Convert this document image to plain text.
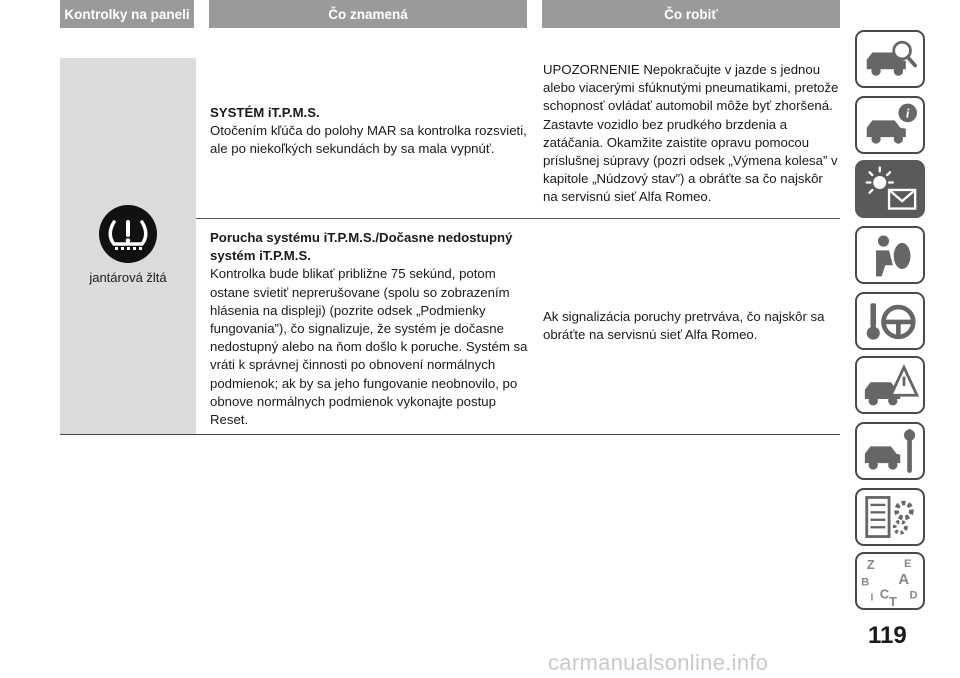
Kontrolky na paneli	Čo znamená	Čo robiť
jantárová žltá
SYSTÉM iT.P.M.S.
Otočením kľúča do polohy MAR sa kontrolka rozsvieti, ale po niekoľkých sekundách by sa mala vypnúť.
UPOZORNENIE Nepokračujte v jazde s jednou alebo viacerými sfúknutými pneumatikami, pretože schopnosť ovládať automobil môže byť zhoršená. Zastavte vozidlo bez prudkého brzdenia a zatáčania. Okamžite zaistite opravu pomocou príslušnej súpravy (pozri odsek „Výmena kolesa” v kapitole „Núdzový stav”) a obráťte sa čo najskôr na servisnú sieť Alfa Romeo.
Porucha systému iT.P.M.S./Dočasne nedostupný systém iT.P.M.S.
Kontrolka bude blikať približne 75 sekúnd, potom ostane svietiť neprerušovane (spolu so zobrazením hlásenia na displeji) (pozrite odsek „Podmienky fungovania”), čo signalizuje, že systém je dočasne nedostupný alebo na ňom došlo k poruche. Systém sa vráti k správnej činnosti po obnovení normálnych podmienok; ak by sa jeho fungovanie neobnovilo, po obnove normálnych podmienok vykonajte postup Reset.
Ak signalizácia poruchy pretrváva, čo najskôr sa obráťte na servisnú sieť Alfa Romeo.
i
Z E
A
B
C D
I T
119
carmanualsonline.info
